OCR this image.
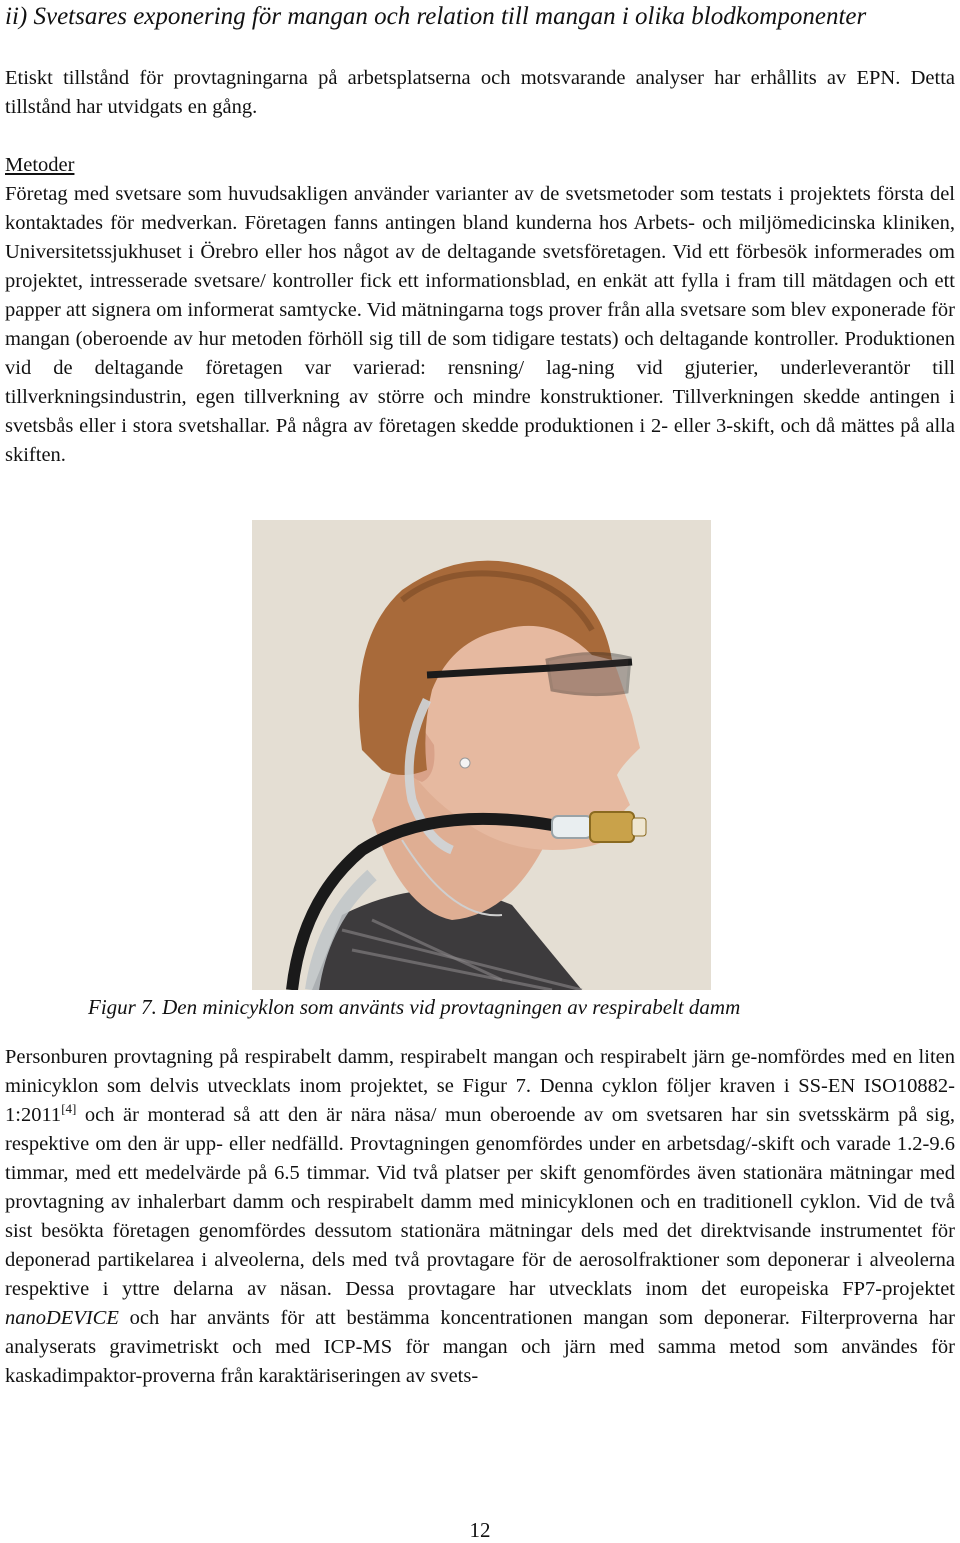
ii) Svetsares exponering för mangan och relation till mangan i olika blodkomponenter
Etiskt tillstånd för provtagningarna på arbetsplatserna och motsvarande analyser har erhållits av EPN. Detta tillstånd har utvidgats en gång.
Metoder
Företag med svetsare som huvudsakligen använder varianter av de svetsmetoder som testats i projektets första del kontaktades för medverkan. Företagen fanns antingen bland kunderna hos Arbets- och miljömedicinska kliniken, Universitetssjukhuset i Örebro eller hos något av de deltagande svetsföretagen. Vid ett förbesök informerades om projektet, intresserade svetsare/ kontroller fick ett informationsblad, en enkät att fylla i fram till mätdagen och ett papper att signera om informerat samtycke. Vid mätningarna togs prover från alla svetsare som blev exponerade för mangan (oberoende av hur metoden förhöll sig till de som tidigare testats) och deltagande kontroller. Produktionen vid de deltagande företagen var varierad: rensning/ lag-ning vid gjuterier, underleverantör till tillverkningsindustrin, egen tillverkning av större och mindre konstruktioner. Tillverkningen skedde antingen i svetsbås eller i stora svetshallar. På några av företagen skedde produktionen i 2- eller 3-skift, och då mättes på alla skiften.
Figur 7. Den minicyklon som använts vid provtagningen av respirabelt damm
Personburen provtagning på respirabelt damm, respirabelt mangan och respirabelt järn ge-nomfördes med en liten minicyklon som delvis utvecklats inom projektet, se Figur 7. Denna cyklon följer kraven i SS-EN ISO10882-1:2011[4] och är monterad så att den är nära näsa/ mun oberoende av om svetsaren har sin svetsskärm på sig, respektive om den är upp- eller nedfälld. Provtagningen genomfördes under en arbetsdag/-skift och varade 1.2-9.6 timmar, med ett medelvärde på 6.5 timmar. Vid två platser per skift genomfördes även stationära mätningar med provtagning av inhalerbart damm och respirabelt damm med minicyklonen och en traditionell cyklon. Vid de två sist besökta företagen genomfördes dessutom stationära mätningar dels med det direktvisande instrumentet för deponerad partikelarea i alveolerna, dels med två provtagare för de aerosolfraktioner som deponerar i alveolerna respektive i yttre delarna av näsan. Dessa provtagare har utvecklats inom det europeiska FP7-projektet nanoDEVICE och har använts för att bestämma koncentrationen mangan som deponerar. Filterproverna har analyserats gravimetriskt och med ICP-MS för mangan och järn med samma metod som användes för kaskadimpaktor-proverna från karaktäriseringen av svets-
12
